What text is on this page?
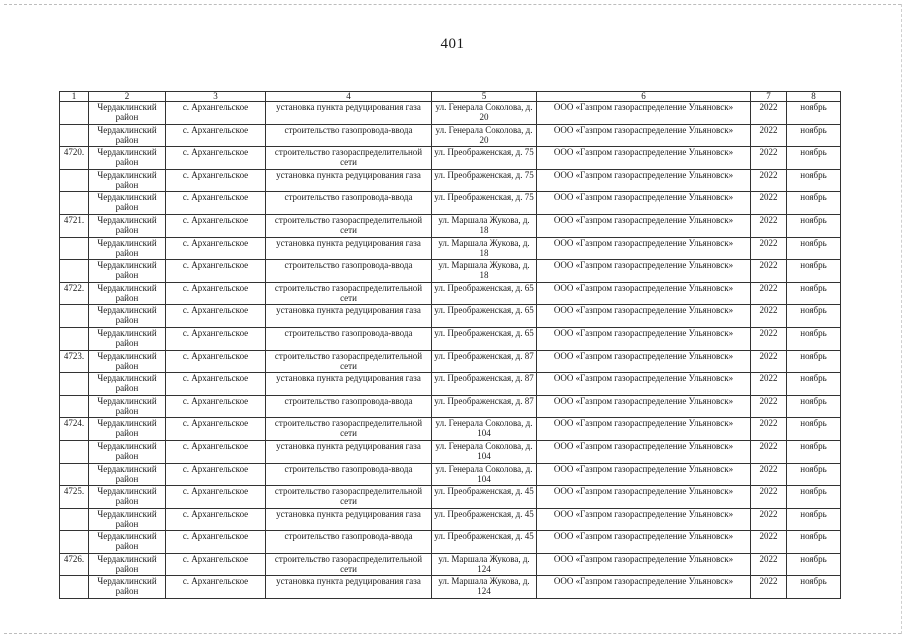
401
1	2	3	4	5	6	7	8
	Чердаклинский район	с. Архангельское	установка пункта редуцирования газа	ул. Генерала Соколова, д. 20	ООО «Газпром газораспределение Ульяновск»	2022	ноябрь
	Чердаклинский район	с. Архангельское	строительство газопровода-ввода	ул. Генерала Соколова, д. 20	ООО «Газпром газораспределение Ульяновск»	2022	ноябрь
4720.	Чердаклинский район	с. Архангельское	строительство газораспределительной сети	ул. Преображенская, д. 75	ООО «Газпром газораспределение Ульяновск»	2022	ноябрь
	Чердаклинский район	с. Архангельское	установка пункта редуцирования газа	ул. Преображенская, д. 75	ООО «Газпром газораспределение Ульяновск»	2022	ноябрь
	Чердаклинский район	с. Архангельское	строительство газопровода-ввода	ул. Преображенская, д. 75	ООО «Газпром газораспределение Ульяновск»	2022	ноябрь
4721.	Чердаклинский район	с. Архангельское	строительство газораспределительной сети	ул. Маршала Жукова, д. 18	ООО «Газпром газораспределение Ульяновск»	2022	ноябрь
	Чердаклинский район	с. Архангельское	установка пункта редуцирования газа	ул. Маршала Жукова, д. 18	ООО «Газпром газораспределение Ульяновск»	2022	ноябрь
	Чердаклинский район	с. Архангельское	строительство газопровода-ввода	ул. Маршала Жукова, д. 18	ООО «Газпром газораспределение Ульяновск»	2022	ноябрь
4722.	Чердаклинский район	с. Архангельское	строительство газораспределительной сети	ул. Преображенская, д. 65	ООО «Газпром газораспределение Ульяновск»	2022	ноябрь
	Чердаклинский район	с. Архангельское	установка пункта редуцирования газа	ул. Преображенская, д. 65	ООО «Газпром газораспределение Ульяновск»	2022	ноябрь
	Чердаклинский район	с. Архангельское	строительство газопровода-ввода	ул. Преображенская, д. 65	ООО «Газпром газораспределение Ульяновск»	2022	ноябрь
4723.	Чердаклинский район	с. Архангельское	строительство газораспределительной сети	ул. Преображенская, д. 87	ООО «Газпром газораспределение Ульяновск»	2022	ноябрь
	Чердаклинский район	с. Архангельское	установка пункта редуцирования газа	ул. Преображенская, д. 87	ООО «Газпром газораспределение Ульяновск»	2022	ноябрь
	Чердаклинский район	с. Архангельское	строительство газопровода-ввода	ул. Преображенская, д. 87	ООО «Газпром газораспределение Ульяновск»	2022	ноябрь
4724.	Чердаклинский район	с. Архангельское	строительство газораспределительной сети	ул. Генерала Соколова, д. 104	ООО «Газпром газораспределение Ульяновск»	2022	ноябрь
	Чердаклинский район	с. Архангельское	установка пункта редуцирования газа	ул. Генерала Соколова, д. 104	ООО «Газпром газораспределение Ульяновск»	2022	ноябрь
	Чердаклинский район	с. Архангельское	строительство газопровода-ввода	ул. Генерала Соколова, д. 104	ООО «Газпром газораспределение Ульяновск»	2022	ноябрь
4725.	Чердаклинский район	с. Архангельское	строительство газораспределительной сети	ул. Преображенская, д. 45	ООО «Газпром газораспределение Ульяновск»	2022	ноябрь
	Чердаклинский район	с. Архангельское	установка пункта редуцирования газа	ул. Преображенская, д. 45	ООО «Газпром газораспределение Ульяновск»	2022	ноябрь
	Чердаклинский район	с. Архангельское	строительство газопровода-ввода	ул. Преображенская, д. 45	ООО «Газпром газораспределение Ульяновск»	2022	ноябрь
4726.	Чердаклинский район	с. Архангельское	строительство газораспределительной сети	ул. Маршала Жукова, д. 124	ООО «Газпром газораспределение Ульяновск»	2022	ноябрь
	Чердаклинский район	с. Архангельское	установка пункта редуцирования газа	ул. Маршала Жукова, д. 124	ООО «Газпром газораспределение Ульяновск»	2022	ноябрь
